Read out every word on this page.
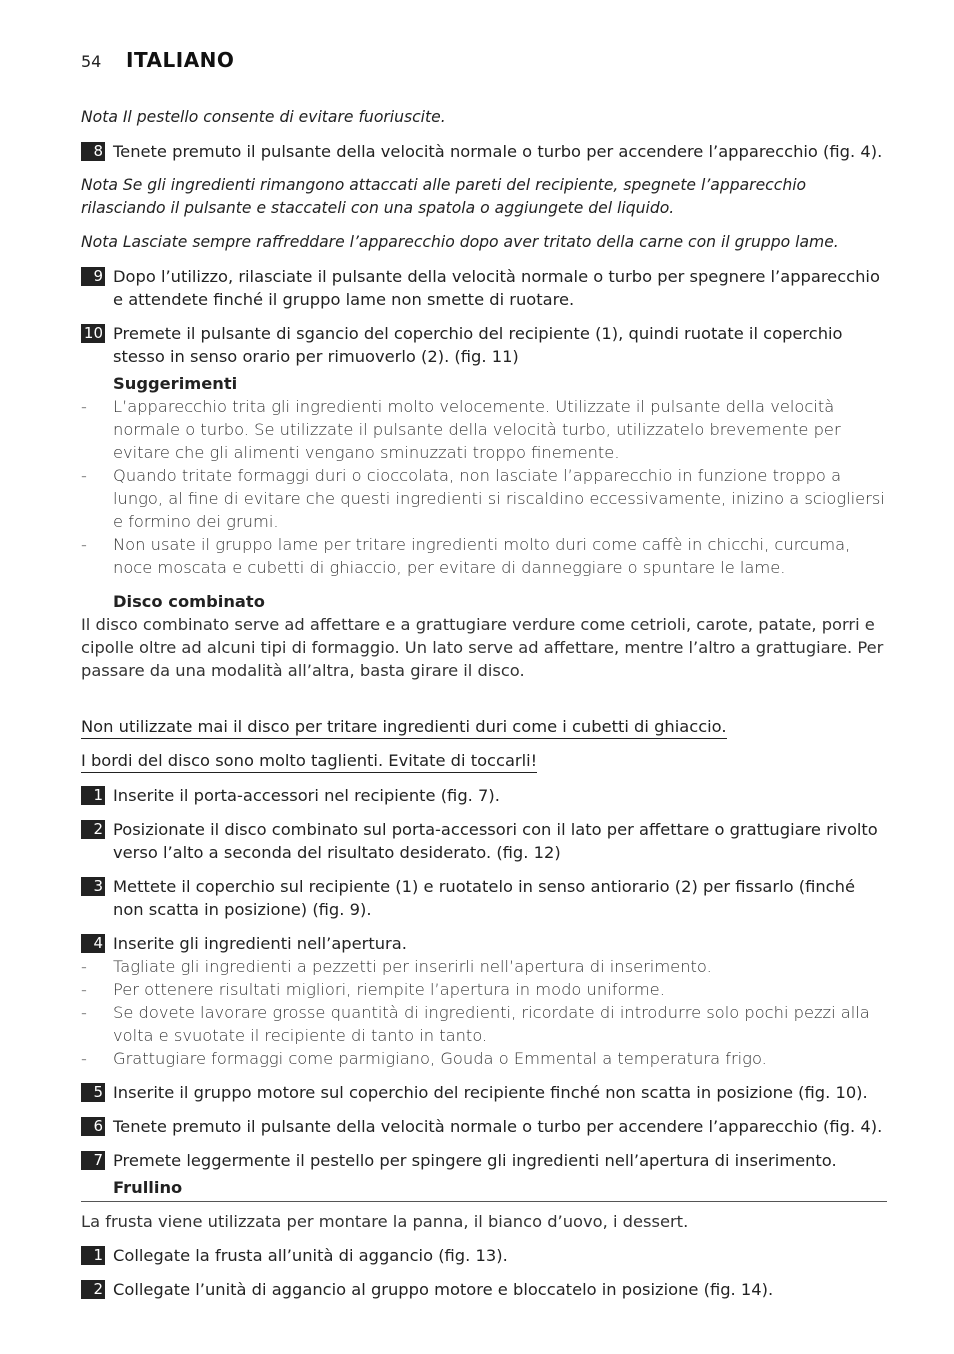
54	ITALIANO
Nota Il pestello consente di evitare fuoriuscite.
8 Tenete premuto il pulsante della velocità normale o turbo per accendere l’apparecchio (fig. 4).
Nota Se gli ingredienti rimangono attaccati alle pareti del recipiente, spegnete l’apparecchio rilasciando il pulsante e staccateli con una spatola o aggiungete del liquido.
Nota Lasciate sempre raffreddare l’apparecchio dopo aver tritato della carne con il gruppo lame.
9 Dopo l’utilizzo, rilasciate il pulsante della velocità normale o turbo per spegnere l’apparecchio e attendete finché il gruppo lame non smette di ruotare.
10 Premete il pulsante di sgancio del coperchio del recipiente (1), quindi ruotate il coperchio stesso in senso orario per rimuoverlo (2). (fig. 11)
Suggerimenti
-	L’apparecchio trita gli ingredienti molto velocemente. Utilizzate il pulsante della velocità normale o turbo. Se utilizzate il pulsante della velocità turbo, utilizzatelo brevemente per evitare che gli alimenti vengano sminuzzati troppo finemente.
-	Quando tritate formaggi duri o cioccolata, non lasciate l’apparecchio in funzione troppo a lungo, al fine di evitare che questi ingredienti si riscaldino eccessivamente, inizino a sciogliersi e formino dei grumi.
-	Non usate il gruppo lame per tritare ingredienti molto duri come caffè in chicchi, curcuma, noce moscata e cubetti di ghiaccio, per evitare di danneggiare o spuntare le lame.
Disco combinato
Il disco combinato serve ad affettare e a grattugiare verdure come cetrioli, carote, patate, porri e cipolle oltre ad alcuni tipi di formaggio. Un lato serve ad affettare, mentre l’altro a grattugiare. Per passare da una modalità all’altra, basta girare il disco.
Non utilizzate mai il disco per tritare ingredienti duri come i cubetti di ghiaccio.
I bordi del disco sono molto taglienti. Evitate di toccarli!
1 Inserite il porta-accessori nel recipiente (fig. 7).
2 Posizionate il disco combinato sul porta-accessori con il lato per affettare o grattugiare rivolto verso l’alto a seconda del risultato desiderato. (fig. 12)
3 Mettete il coperchio sul recipiente (1) e ruotatelo in senso antiorario (2) per fissarlo (finché non scatta in posizione) (fig. 9).
4 Inserite gli ingredienti nell’apertura.
-	Tagliate gli ingredienti a pezzetti per inserirli nell’apertura di inserimento.
-	Per ottenere risultati migliori, riempite l’apertura in modo uniforme.
-	Se dovete lavorare grosse quantità di ingredienti, ricordate di introdurre solo pochi pezzi alla volta e svuotate il recipiente di tanto in tanto.
-	Grattugiare formaggi come parmigiano, Gouda o Emmental a temperatura frigo.
5 Inserite il gruppo motore sul coperchio del recipiente finché non scatta in posizione (fig. 10).
6 Tenete premuto il pulsante della velocità normale o turbo per accendere l’apparecchio (fig. 4).
7 Premete leggermente il pestello per spingere gli ingredienti nell’apertura di inserimento.
Frullino
La frusta viene utilizzata per montare la panna, il bianco d’uovo, i dessert.
1 Collegate la frusta all’unità di aggancio (fig. 13).
2 Collegate l’unità di aggancio al gruppo motore e bloccatelo in posizione (fig. 14).
